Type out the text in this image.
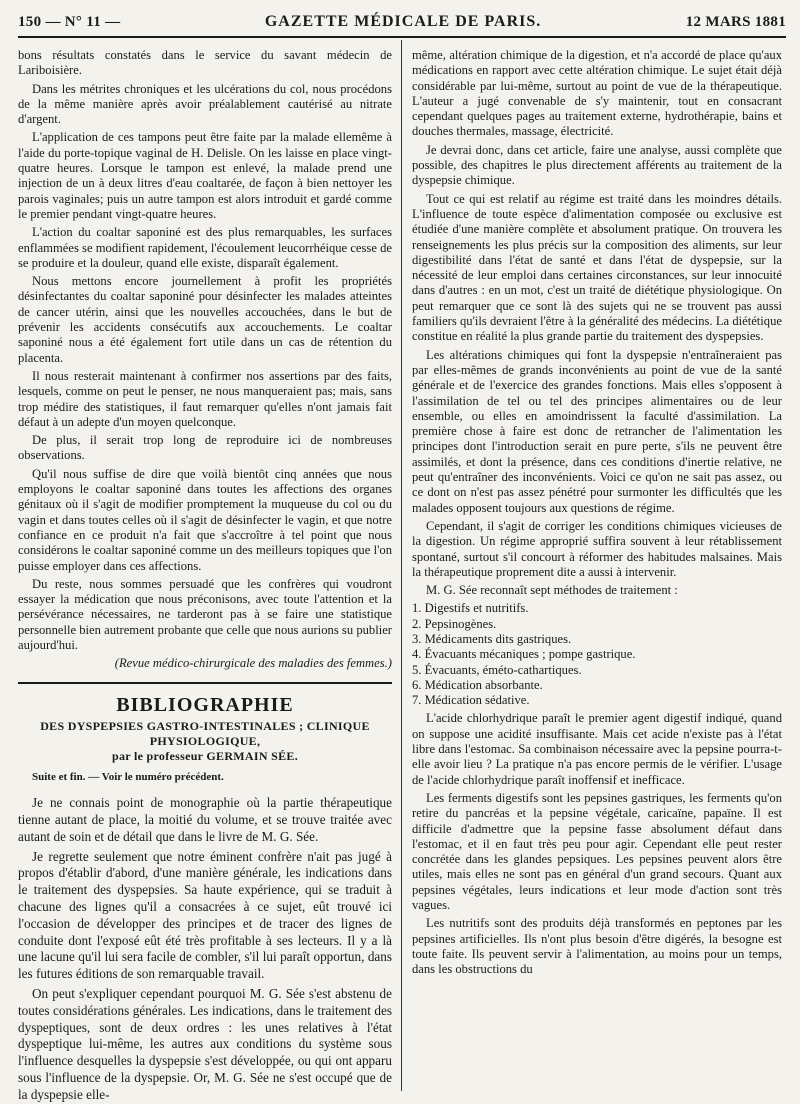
150 — N° 11 —	GAZETTE MÉDICALE DE PARIS.	12 MARS 1881

bons résultats constatés dans le service du savant médecin de Lariboisière.

Dans les métrites chroniques et les ulcérations du col, nous procédons de la même manière après avoir préalablement cautérisé au nitrate d'argent.

L'application de ces tampons peut être faite par la malade ellemême à l'aide du porte-topique vaginal de H. Delisle. On les laisse en place vingt-quatre heures. Lorsque le tampon est enlevé, la malade prend une injection de un à deux litres d'eau coaltarée, de façon à bien nettoyer les parois vaginales; puis un autre tampon est alors introduit et gardé comme le premier pendant vingt-quatre heures.

L'action du coaltar saponiné est des plus remarquables, les surfaces enflammées se modifient rapidement, l'écoulement leucorrhéique cesse de se produire et la douleur, quand elle existe, disparaît également.

Nous mettons encore journellement à profit les propriétés désinfectantes du coaltar saponiné pour désinfecter les malades atteintes de cancer utérin, ainsi que les nouvelles accouchées, dans le but de prévenir les accidents consécutifs aux accouchements. Le coaltar saponiné nous a été également fort utile dans un cas de rétention du placenta.

Il nous resterait maintenant à confirmer nos assertions par des faits, lesquels, comme on peut le penser, ne nous manqueraient pas; mais, sans trop médire des statistiques, il faut remarquer qu'elles n'ont jamais fait défaut à un adepte d'un moyen quelconque.

De plus, il serait trop long de reproduire ici de nombreuses observations.

Qu'il nous suffise de dire que voilà bientôt cinq années que nous employons le coaltar saponiné dans toutes les affections des organes génitaux où il s'agit de modifier promptement la muqueuse du col ou du vagin et dans toutes celles où il s'agit de désinfecter le vagin, et que notre confiance en ce produit n'a fait que s'accroître à tel point que nous considérons le coaltar saponiné comme un des meilleurs topiques que l'on puisse employer dans ces affections.

Du reste, nous sommes persuadé que les confrères qui voudront essayer la médication que nous préconisons, avec toute l'attention et la persévérance nécessaires, ne tarderont pas à se faire une statistique personnelle bien autrement probante que celle que nous aurions su publier aujourd'hui.

(Revue médico-chirurgicale des maladies des femmes.)

BIBLIOGRAPHIE
DES DYSPEPSIES GASTRO-INTESTINALES ; CLINIQUE PHYSIOLOGIQUE,
par le professeur GERMAIN SÉE.
Suite et fin. — Voir le numéro précédent.

Je ne connais point de monographie où la partie thérapeutique tienne autant de place, la moitié du volume, et se trouve traitée avec autant de soin et de détail que dans le livre de M. G. Sée.

Je regrette seulement que notre éminent confrère n'ait pas jugé à propos d'établir d'abord, d'une manière générale, les indications dans le traitement des dyspepsies. Sa haute expérience, qui se traduit à chacune des lignes qu'il a consacrées à ce sujet, eût trouvé ici l'occasion de développer des principes et de tracer des lignes de conduite dont l'exposé eût été très profitable à ses lecteurs. Il y a là une lacune qu'il lui sera facile de combler, s'il lui paraît opportun, dans les futures éditions de son remarquable travail.

On peut s'expliquer cependant pourquoi M. G. Sée s'est abstenu de toutes considérations générales. Les indications, dans le traitement des dyspeptiques, sont de deux ordres : les unes relatives à l'état dyspeptique lui-même, les autres aux conditions du système sous l'influence desquelles la dyspepsie s'est développée, ou qui ont apparu sous l'influence de la dyspepsie. Or, M. G. Sée ne s'est occupé que de la dyspepsie elle-

même, altération chimique de la digestion, et n'a accordé de place qu'aux médications en rapport avec cette altération chimique. Le sujet était déjà considérable par lui-même, surtout au point de vue de la thérapeutique. L'auteur a jugé convenable de s'y maintenir, tout en consacrant cependant quelques pages au traitement externe, hydrothérapie, bains et douches thermales, massage, électricité.

Je devrai donc, dans cet article, faire une analyse, aussi complète que possible, des chapitres le plus directement afférents au traitement de la dyspepsie chimique.

Tout ce qui est relatif au régime est traité dans les moindres détails. L'influence de toute espèce d'alimentation composée ou exclusive est étudiée d'une manière complète et absolument pratique. On trouvera les renseignements les plus précis sur la composition des aliments, sur leur digestibilité dans l'état de santé et dans l'état de dyspepsie, sur la nécessité de leur emploi dans certaines circonstances, sur leur innocuité dans d'autres : en un mot, c'est un traité de diététique physiologique. On peut remarquer que ce sont là des sujets qui ne se trouvent pas aussi familiers qu'ils devraient l'être à la généralité des médecins. La diététique constitue en réalité la plus grande partie du traitement des dyspepsies.

Les altérations chimiques qui font la dyspepsie n'entraîneraient pas par elles-mêmes de grands inconvénients au point de vue de la santé générale et de l'exercice des grandes fonctions. Mais elles s'opposent à l'assimilation de tel ou tel des principes alimentaires ou de leur ensemble, ou elles en amoindrissent la faculté d'assimilation. La première chose à faire est donc de retrancher de l'alimentation les principes dont l'introduction serait en pure perte, s'ils ne peuvent être assimilés, et dont la présence, dans ces conditions d'inertie relative, ne peut qu'entraîner des inconvénients. Voici ce qu'on ne sait pas assez, ou ce dont on n'est pas assez pénétré pour surmonter les difficultés que les malades opposent toujours aux questions de régime.

Cependant, il s'agit de corriger les conditions chimiques vicieuses de la digestion. Un régime approprié suffira souvent à leur rétablissement spontané, surtout s'il concourt à réformer des habitudes malsaines. Mais la thérapeutique proprement dite a aussi à intervenir.

M. G. Sée reconnaît sept méthodes de traitement :

1. Digestifs et nutritifs.
2. Pepsinogènes.
3. Médicaments dits gastriques.
4. Évacuants mécaniques ; pompe gastrique.
5. Évacuants, éméto-cathartiques.
6. Médication absorbante.
7. Médication sédative.

L'acide chlorhydrique paraît le premier agent digestif indiqué, quand on suppose une acidité insuffisante. Mais cet acide n'existe pas à l'état libre dans l'estomac. Sa combinaison nécessaire avec la pepsine pourra-t-elle avoir lieu ? La pratique n'a pas encore permis de le vérifier. L'usage de l'acide chlorhydrique paraît inoffensif et inefficace.

Les ferments digestifs sont les pepsines gastriques, les ferments qu'on retire du pancréas et la pepsine végétale, caricaïne, papaïne. Il est difficile d'admettre que la pepsine fasse absolument défaut dans l'estomac, et il en faut très peu pour agir. Cependant elle peut rester concrétée dans les glandes pepsiques. Les pepsines peuvent alors être utiles, mais elles ne sont pas en général d'un grand secours. Quant aux pepsines végétales, leurs indications et leur mode d'action sont très vagues.

Les nutritifs sont des produits déjà transformés en peptones par les pepsines artificielles. Ils n'ont plus besoin d'être digérés, la besogne est toute faite. Ils peuvent servir à l'alimentation, au moins pour un temps, dans les obstructions du
